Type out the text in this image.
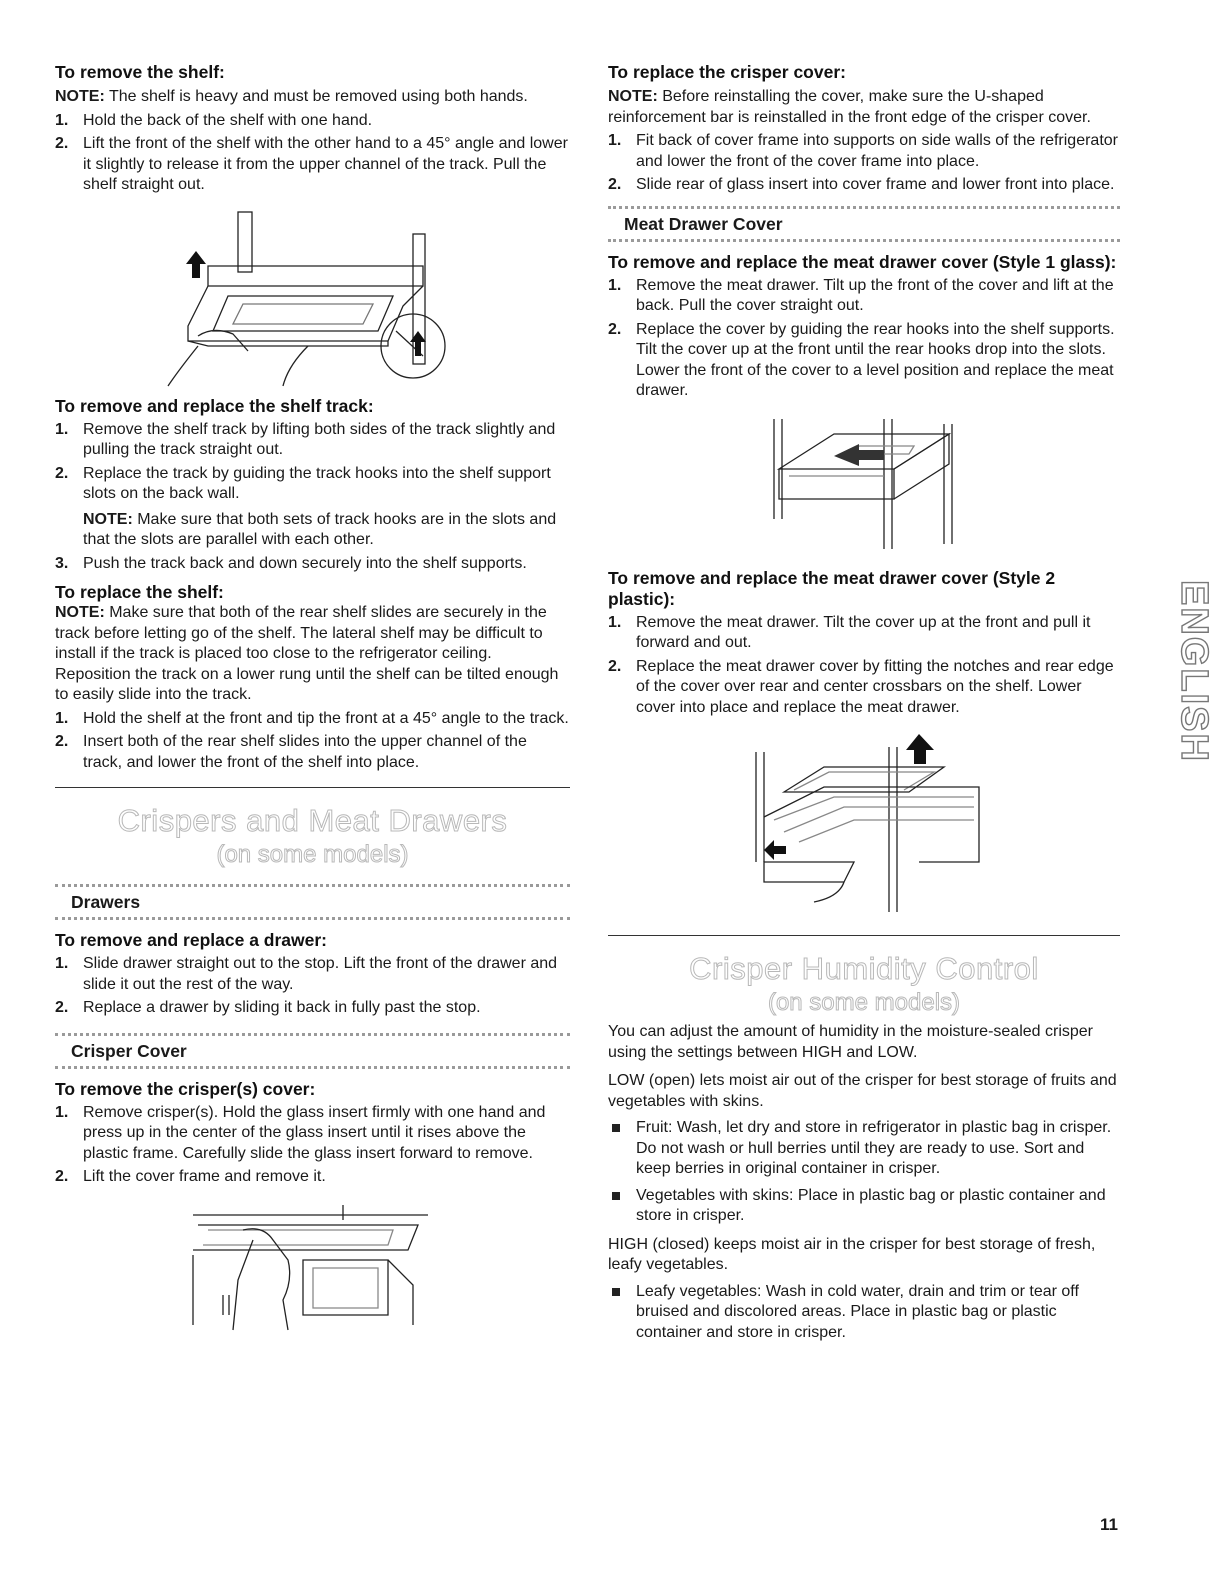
To remove the shelf:

NOTE: The shelf is heavy and must be removed using both hands.

1. Hold the back of the shelf with one hand.
2. Lift the front of the shelf with the other hand to a 45° angle and lower it slightly to release it from the upper channel of the track. Pull the shelf straight out.
To remove and replace the shelf track:
1. Remove the shelf track by lifting both sides of the track slightly and pulling the track straight out.
2. Replace the track by guiding the track hooks into the shelf support slots on the back wall.

NOTE: Make sure that both sets of track hooks are in the slots and that the slots are parallel with each other.

3. Push the track back and down securely into the shelf supports.
To replace the shelf:

NOTE: Make sure that both of the rear shelf slides are securely in the track before letting go of the shelf. The lateral shelf may be difficult to install if the track is placed too close to the refrigerator ceiling. Reposition the track on a lower rung until the shelf can be tilted enough to easily slide into the track.

1. Hold the shelf at the front and tip the front at a 45° angle to the track.
2. Insert both of the rear shelf slides into the upper channel of the track, and lower the front of the shelf into place.
Crispers and Meat Drawers
(on some models)
Drawers
To remove and replace a drawer:
1. Slide drawer straight out to the stop. Lift the front of the drawer and slide it out the rest of the way.
2. Replace a drawer by sliding it back in fully past the stop.
Crisper Cover
To remove the crisper(s) cover:
1. Remove crisper(s). Hold the glass insert firmly with one hand and press up in the center of the glass insert until it rises above the plastic frame. Carefully slide the glass insert forward to remove.
2. Lift the cover frame and remove it.
To replace the crisper cover:

NOTE: Before reinstalling the cover, make sure the U-shaped reinforcement bar is reinstalled in the front edge of the crisper cover.

1. Fit back of cover frame into supports on side walls of the refrigerator and lower the front of the cover frame into place.
2. Slide rear of glass insert into cover frame and lower front into place.
Meat Drawer Cover
To remove and replace the meat drawer cover (Style 1 glass):
1. Remove the meat drawer. Tilt up the front of the cover and lift at the back. Pull the cover straight out.
2. Replace the cover by guiding the rear hooks into the shelf supports. Tilt the cover up at the front until the rear hooks drop into the slots. Lower the front of the cover to a level position and replace the meat drawer.
To remove and replace the meat drawer cover (Style 2 plastic):
1. Remove the meat drawer. Tilt the cover up at the front and pull it forward and out.
2. Replace the meat drawer cover by fitting the notches and rear edge of the cover over rear and center crossbars on the shelf. Lower cover into place and replace the meat drawer.
Crisper Humidity Control
(on some models)

You can adjust the amount of humidity in the moisture-sealed crisper using the settings between HIGH and LOW.

LOW (open) lets moist air out of the crisper for best storage of fruits and vegetables with skins.

Fruit: Wash, let dry and store in refrigerator in plastic bag in crisper. Do not wash or hull berries until they are ready to use. Sort and keep berries in original container in crisper.
Vegetables with skins: Place in plastic bag or plastic container and store in crisper.

HIGH (closed) keeps moist air in the crisper for best storage of fresh, leafy vegetables.

Leafy vegetables: Wash in cold water, drain and trim or tear off bruised and discolored areas. Place in plastic bag or plastic container and store in crisper.
ENGLISH
11
